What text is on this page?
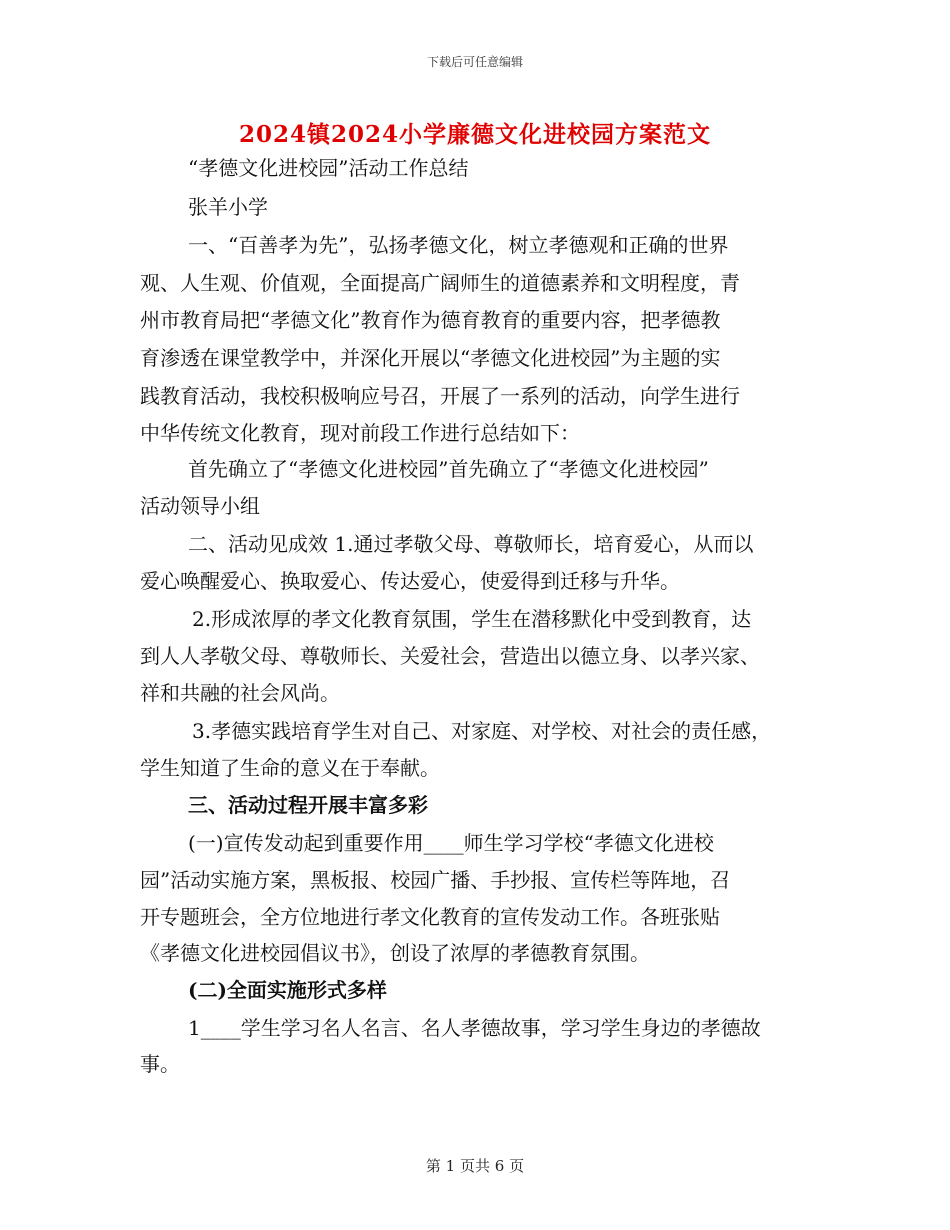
下载后可任意编辑
2024镇2024小学廉德文化进校园方案范文
“孝德文化进校园”活动工作总结
张羊小学
一、“百善孝为先”，弘扬孝德文化，树立孝德观和正确的世界
观、人生观、价值观，全面提高广阔师生的道德素养和文明程度，青
州市教育局把“孝德文化”教育作为德育教育的重要内容，把孝德教
育渗透在课堂教学中，并深化开展以“孝德文化进校园”为主题的实
践教育活动，我校积极响应号召，开展了一系列的活动，向学生进行
中华传统文化教育，现对前段工作进行总结如下：
首先确立了“孝德文化进校园”首先确立了“孝德文化进校园”
活动领导小组
二、活动见成效 1.通过孝敬父母、尊敬师长，培育爱心，从而以
爱心唤醒爱心、换取爱心、传达爱心，使爱得到迁移与升华。
2.形成浓厚的孝文化教育氛围，学生在潜移默化中受到教育，达
到人人孝敬父母、尊敬师长、关爱社会，营造出以德立身、以孝兴家、
祥和共融的社会风尚。
3.孝德实践培育学生对自己、对家庭、对学校、对社会的责任感，
学生知道了生命的意义在于奉献。
三、活动过程开展丰富多彩
(一)宣传发动起到重要作用____师生学习学校“孝德文化进校
园”活动实施方案，黑板报、校园广播、手抄报、宣传栏等阵地，召
开专题班会，全方位地进行孝文化教育的宣传发动工作。各班张贴
《孝德文化进校园倡议书》，创设了浓厚的孝德教育氛围。
(二)全面实施形式多样
1____学生学习名人名言、名人孝德故事，学习学生身边的孝德故
事。
第 1 页共 6 页
